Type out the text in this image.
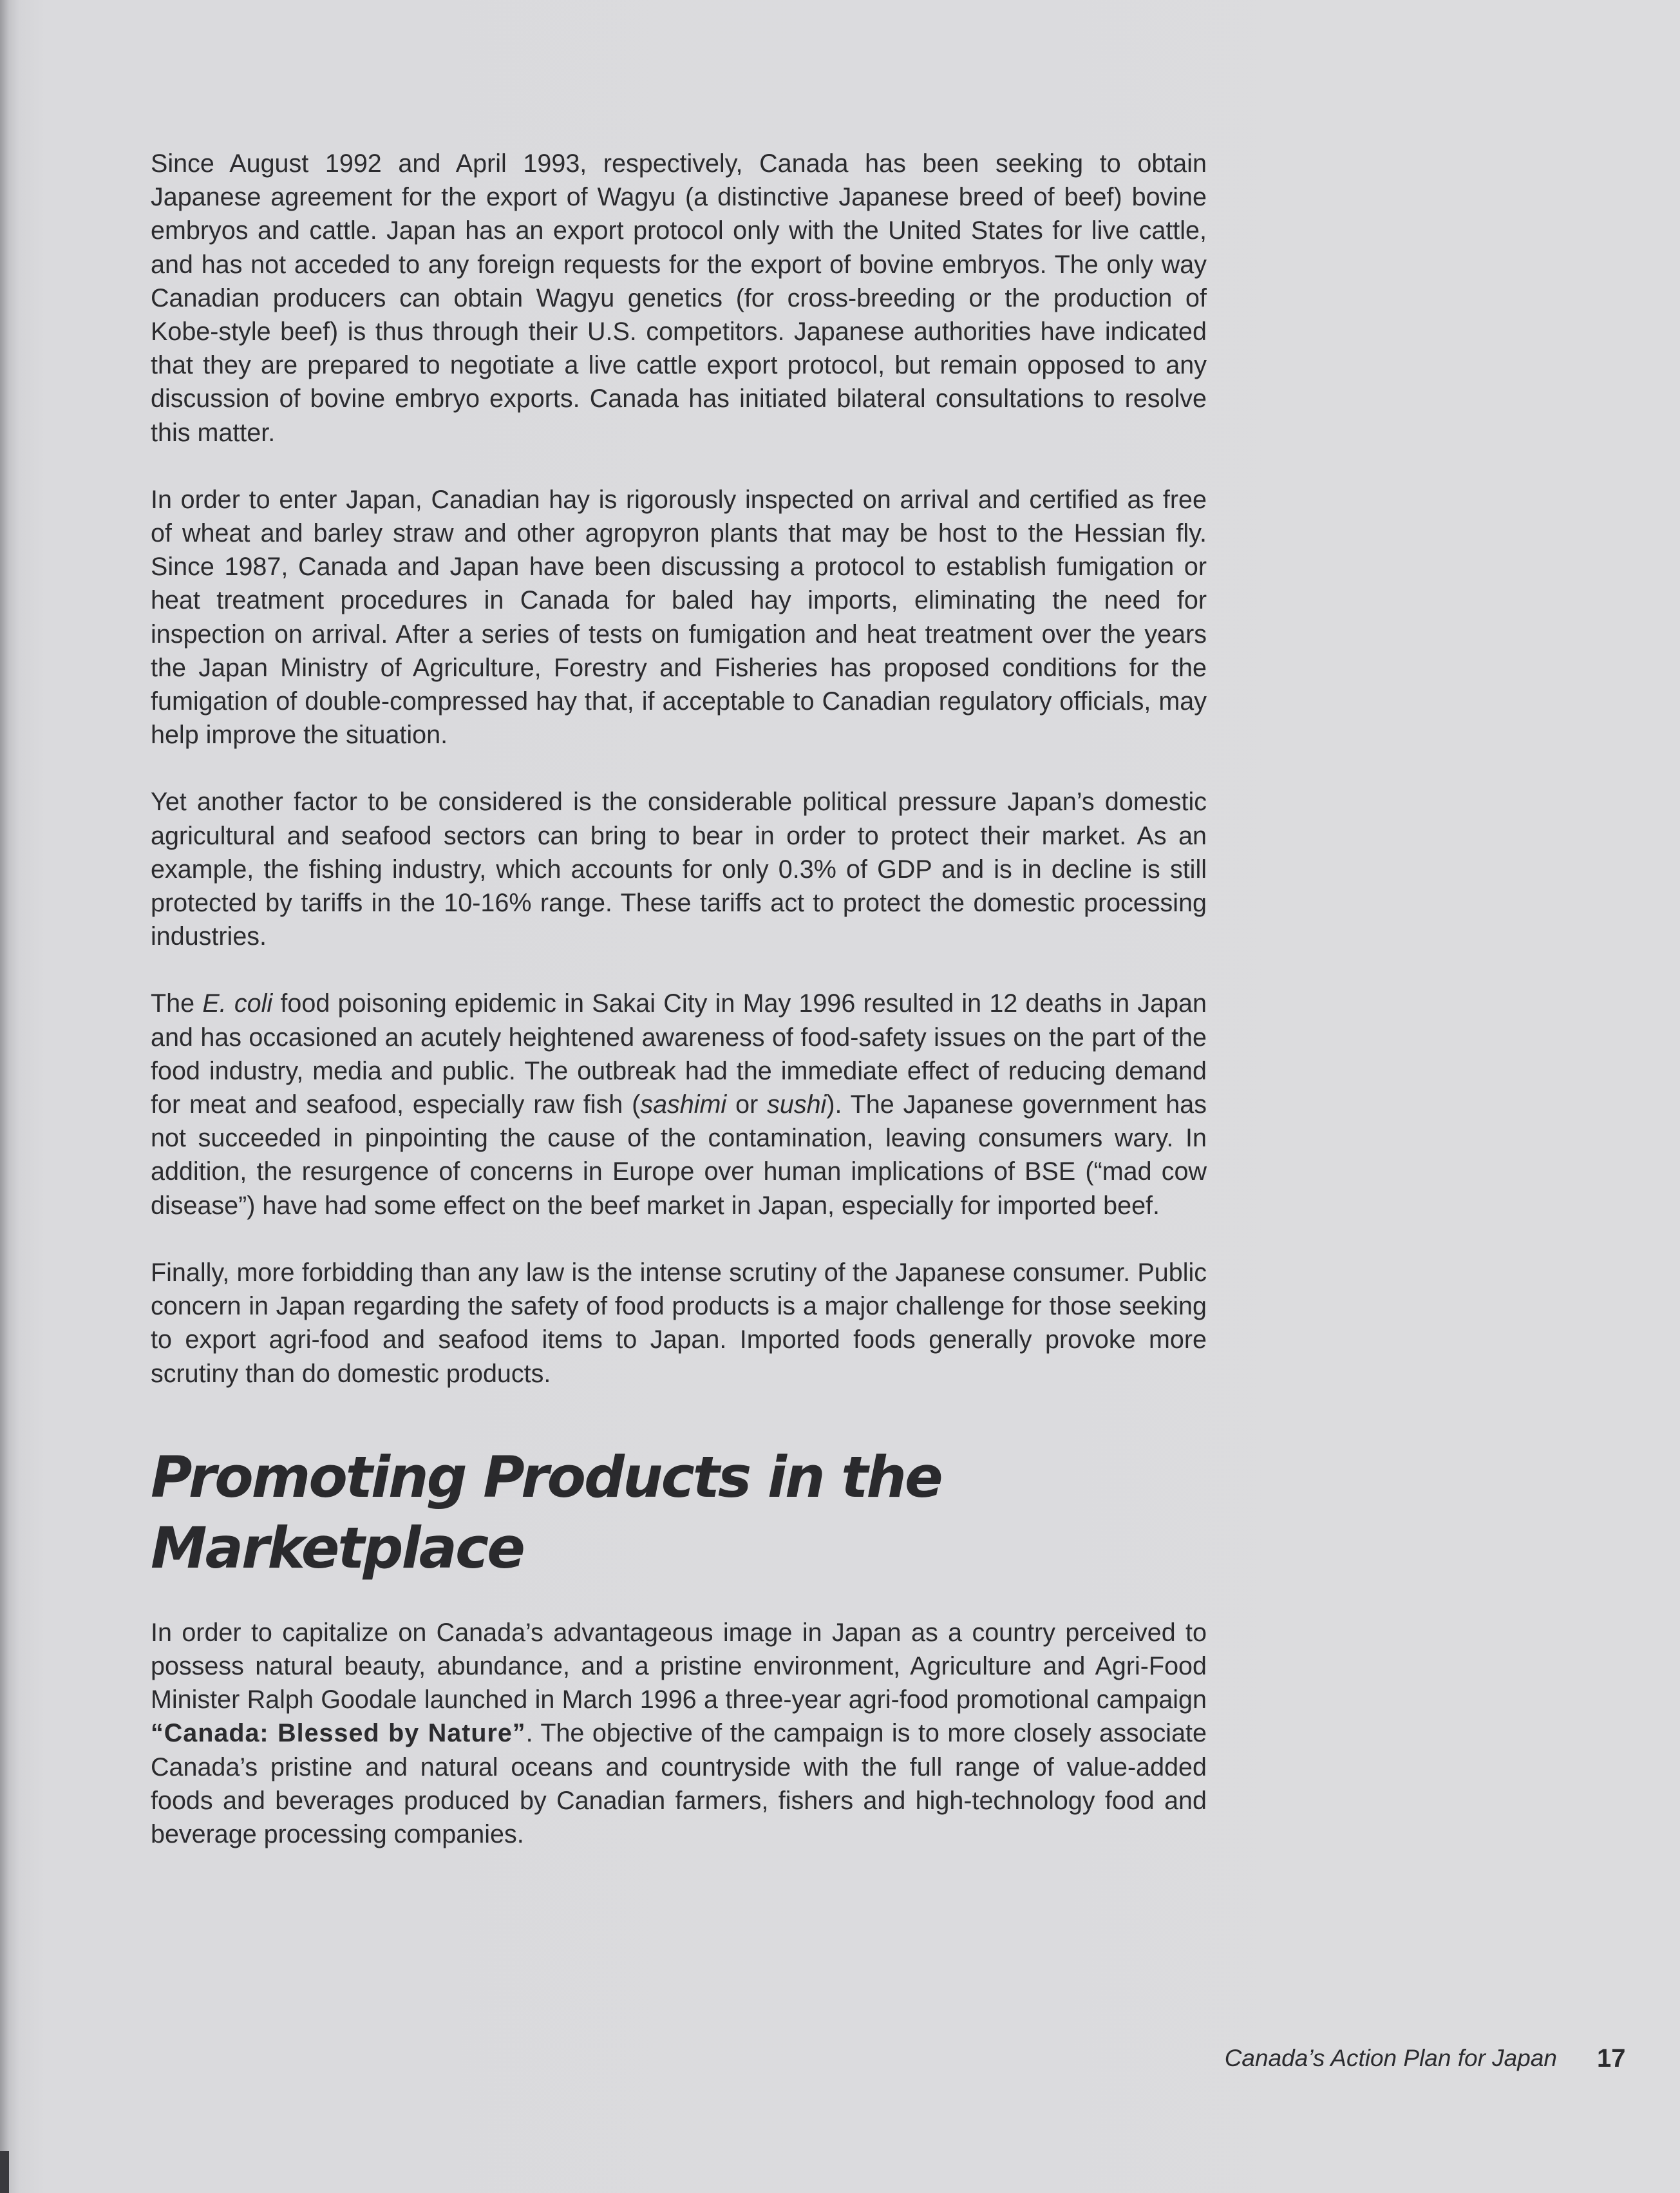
Since August 1992 and April 1993, respectively, Canada has been seeking to obtain Japanese agreement for the export of Wagyu (a distinctive Japanese breed of beef) bovine embryos and cattle. Japan has an export protocol only with the United States for live cattle, and has not acceded to any foreign requests for the export of bovine embryos. The only way Canadian producers can obtain Wagyu genetics (for cross-breeding or the production of Kobe-style beef) is thus through their U.S. competitors. Japanese authorities have indicated that they are prepared to negotiate a live cattle export protocol, but remain opposed to any discussion of bovine embryo exports. Canada has initiated bilateral consultations to resolve this matter.

In order to enter Japan, Canadian hay is rigorously inspected on arrival and certified as free of wheat and barley straw and other agropyron plants that may be host to the Hessian fly. Since 1987, Canada and Japan have been discussing a protocol to establish fumigation or heat treatment procedures in Canada for baled hay imports, eliminating the need for inspection on arrival. After a series of tests on fumigation and heat treatment over the years the Japan Ministry of Agriculture, Forestry and Fisheries has proposed conditions for the fumigation of double-compressed hay that, if acceptable to Canadian regulatory officials, may help improve the situation.

Yet another factor to be considered is the considerable political pressure Japan’s domestic agricultural and seafood sectors can bring to bear in order to protect their market. As an example, the fishing industry, which accounts for only 0.3% of GDP and is in decline is still protected by tariffs in the 10-16% range. These tariffs act to protect the domestic processing industries.

The E. coli food poisoning epidemic in Sakai City in May 1996 resulted in 12 deaths in Japan and has occasioned an acutely heightened awareness of food-safety issues on the part of the food industry, media and public. The outbreak had the immediate effect of reducing demand for meat and seafood, especially raw fish (sashimi or sushi). The Japanese government has not succeeded in pinpointing the cause of the contamination, leaving consumers wary. In addition, the resurgence of concerns in Europe over human implications of BSE (“mad cow disease”) have had some effect on the beef market in Japan, especially for imported beef.

Finally, more forbidding than any law is the intense scrutiny of the Japanese consumer. Public concern in Japan regarding the safety of food products is a major challenge for those seeking to export agri-food and seafood items to Japan. Imported foods generally provoke more scrutiny than do domestic products.

Promoting Products in the Marketplace

In order to capitalize on Canada’s advantageous image in Japan as a country perceived to possess natural beauty, abundance, and a pristine environment, Agriculture and Agri-Food Minister Ralph Goodale launched in March 1996 a three-year agri-food promotional campaign “Canada: Blessed by Nature”. The objective of the campaign is to more closely associate Canada’s pristine and natural oceans and countryside with the full range of value-added foods and beverages produced by Canadian farmers, fishers and high-technology food and beverage processing companies.

Canada’s Action Plan for Japan 17
